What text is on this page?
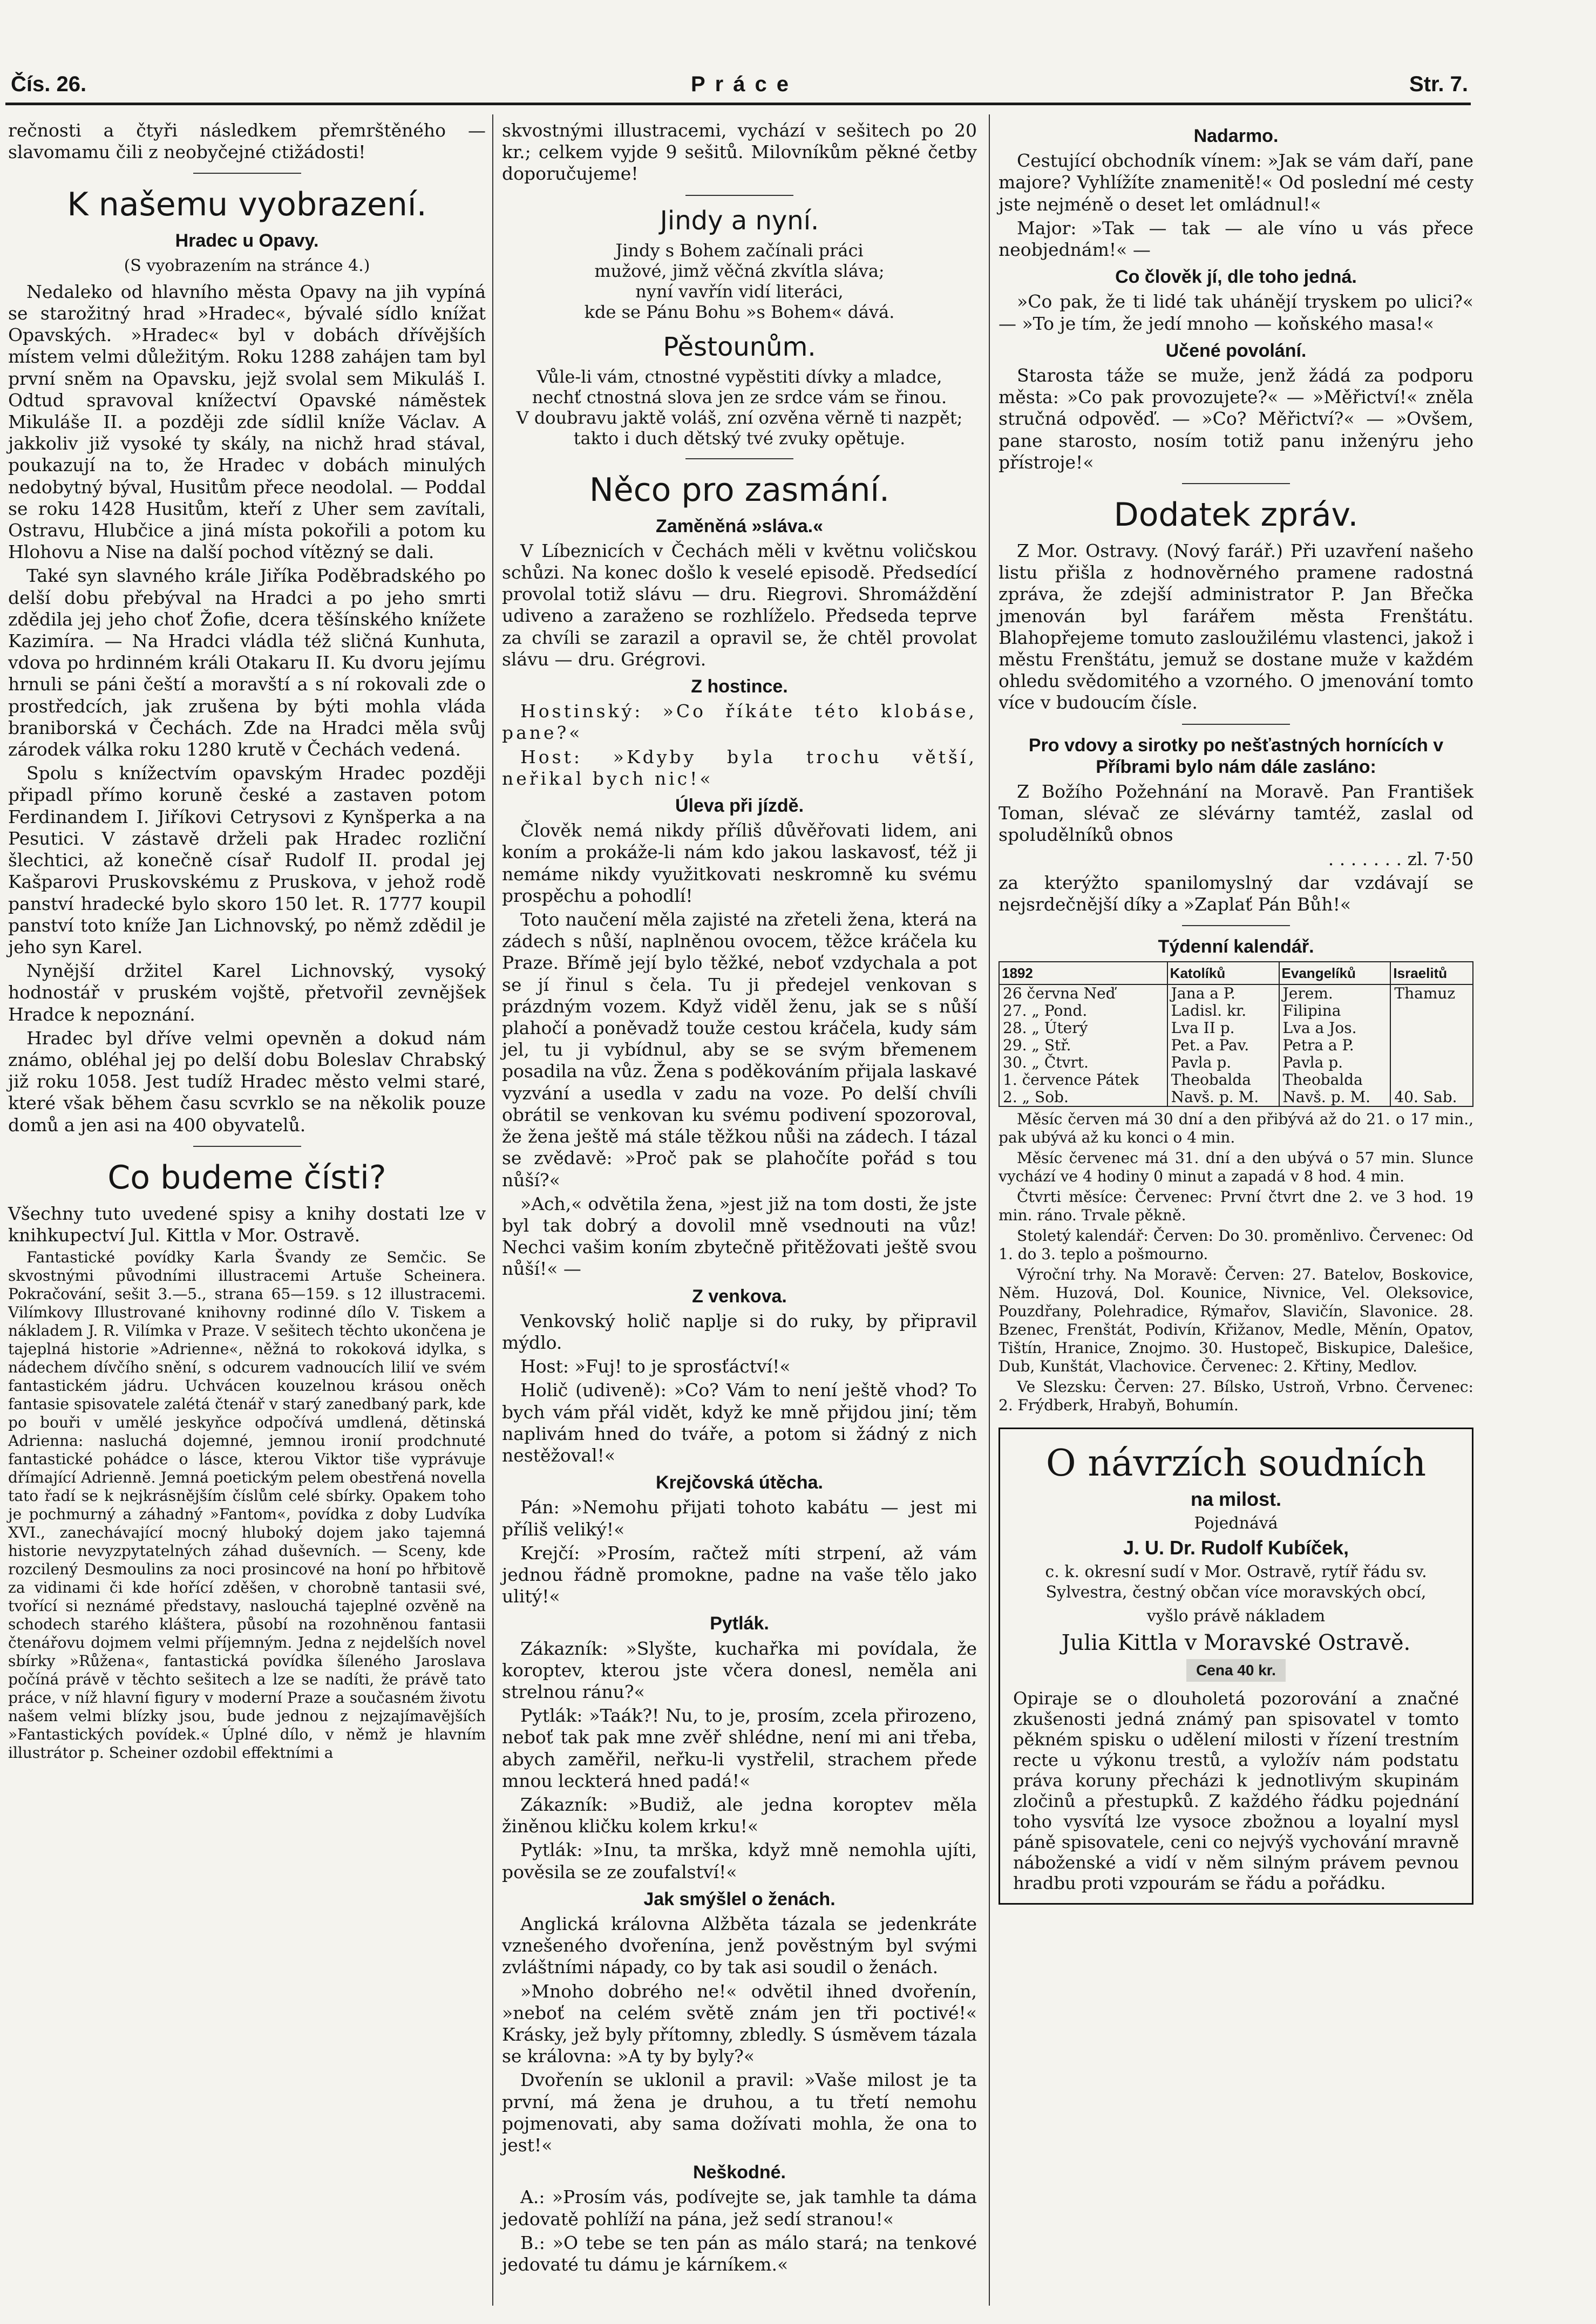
Čís. 26.	Práce	Str. 7.

rečnosti a čtyři následkem přemrštěného — slavomamu čili z neobyčejné ctižádosti!

K našemu vyobrazení.
Hradec u Opavy.
(S vyobrazením na stránce 4.)

Nedaleko od hlavního města Opavy na jih vypíná se starožitný hrad »Hradec«, bývalé sídlo knížat Opavských. »Hradec« byl v dobách dřívějších místem velmi důležitým. Roku 1288 zahájen tam byl první sněm na Opavsku, jejž svolal sem Mikuláš I. Odtud spravoval knížectví Opavské náměstek Mikuláše II. a později zde sídlil kníže Václav. A jakkoliv již vysoké ty skály, na nichž hrad stával, poukazují na to, že Hradec v dobách minulých nedobytný býval, Husitům přece neodolal. — Poddal se roku 1428 Husitům, kteří z Uher sem zavítali, Ostravu, Hlubčice a jiná místa pokořili a potom ku Hlohovu a Nise na další pochod vítězný se dali.

Také syn slavného krále Jiříka Poděbradského po delší dobu přebýval na Hradci a po jeho smrti zdědila jej jeho choť Žofie, dcera těšínského knížete Kazimíra. — Na Hradci vládla též sličná Kunhuta, vdova po hrdinném králi Otakaru II. Ku dvoru jejímu hrnuli se páni čeští a moravští a s ní rokovali zde o prostředcích, jak zrušena by býti mohla vláda braniborská v Čechách. Zde na Hradci měla svůj zárodek válka roku 1280 krutě v Čechách vedená.

Spolu s knížectvím opavským Hradec později připadl přímo koruně české a zastaven potom Ferdinandem I. Jiříkovi Cetrysovi z Kynšperka a na Pesutici. V zástavě drželi pak Hradec rozliční šlechtici, až konečně císař Rudolf II. prodal jej Kašparovi Pruskovskému z Pruskova, v jehož rodě panství hradecké bylo skoro 150 let. R. 1777 koupil panství toto kníže Jan Lichnovský, po němž zdědil je jeho syn Karel.

Nynější držitel Karel Lichnovský, vysoký hodnostář v pruském vojště, přetvořil zevnějšek Hradce k nepoznání.

Hradec byl dříve velmi opevněn a dokud nám známo, obléhal jej po delší dobu Boleslav Chrabský již roku 1058. Jest tudíž Hradec město velmi staré, které však během času scvrklo se na několik pouze domů a jen asi na 400 obyvatelů.

Co budeme čísti?

Všechny tuto uvedené spisy a knihy dostati lze v knihkupectví Jul. Kittla v Mor. Ostravě.

Fantastické povídky Karla Švandy ze Semčic. Se skvostnými původními illustracemi Artuše Scheinera. Pokračování, sešit 3.—5., strana 65—159. s 12 illustracemi. Vilímkovy Illustrované knihovny rodinné dílo V. Tiskem a nákladem J. R. Vilímka v Praze. V sešitech těchto ukončena je tajeplná historie »Adrienne«, něžná to rokoková idylka, s nádechem dívčího snění, s odcurem vadnoucích lilií ve svém fantastickém jádru. Uchvácen kouzelnou krásou oněch fantasie spisovatele zalétá čtenář v starý zanedbaný park, kde po bouři v umělé jeskyňce odpočívá umdlená, dětinská Adrienna: nasluchá dojemné, jemnou ironií prodchnuté fantastické pohádce o lásce, kterou Viktor tiše vyprávuje dřímající Adrienně. Jemná poetickým pelem obestřená novella tato řadí se k nejkrásnějším číslům celé sbírky. Opakem toho je pochmurný a záhadný »Fantom«, povídka z doby Ludvíka XVI., zanechávající mocný hluboký dojem jako tajemná historie nevyzpytatelných záhad duševních. — Sceny, kde rozcilený Desmoulins za noci prosincové na honí po hřbitově za vidinami či kde hořící zděšen, v chorobně tantasii své, tvořící si neznámé představy, naslouchá tajeplné ozvěně na schodech starého kláštera, působí na rozohněnou fantasii čtenářovu dojmem velmi příjemným. Jedna z nejdelších novel sbírky »Růžena«, fantastická povídka šíleného Jaroslava počíná právě v těchto sešitech a lze se nadíti, že právě tato práce, v níž hlavní figury v moderní Praze a současném životu našem velmi blízky jsou, bude jednou z nejzajímavějších »Fantastických povídek.« Úplné dílo, v němž je hlavním illustrátor p. Scheiner ozdobil effektními a

skvostnými illustracemi, vychází v sešitech po 20 kr.; celkem vyjde 9 sešitů. Milovníkům pěkné četby doporučujeme!

Jindy a nyní.
Jindy s Bohem začínali práci
mužové, jimž věčná zkvítla sláva;
nyní vavřín vidí literáci,
kde se Pánu Bohu »s Bohem« dává.
Pěstounům.
Vůle-li vám, ctnostné vypěstiti dívky a mladce,
nechť ctnostná slova jen ze srdce vám se řinou.
V doubravu jaktě voláš, zní ozvěna věrně ti nazpět;
takto i duch dětský tvé zvuky opětuje.
Něco pro zasmání.
Zaměněná »sláva.«

V Líbeznicích v Čechách měli v květnu voličskou schůzi. Na konec došlo k veselé episodě. Předsedící provolal totiž slávu — dru. Riegrovi. Shromáždění udiveno a zaraženo se rozhlíželo. Předseda teprve za chvíli se zarazil a opravil se, že chtěl provolat slávu — dru. Grégrovi.

Z hostince.

Hostinský: »Co říkáte této klobáse, pane?«

Host: »Kdyby byla trochu větší, neřikal bych nic!«

Úleva při jízdě.

Člověk nemá nikdy příliš důvěřovati lidem, ani koním a prokáže-li nám kdo jakou laskavosť, též ji nemáme nikdy využitkovati neskromně ku svému prospěchu a pohodlí!

Toto naučení měla zajisté na zřeteli žena, která na zádech s nůší, naplněnou ovocem, těžce kráčela ku Praze. Břímě její bylo těžké, neboť vzdychala a pot se jí řinul s čela. Tu ji předejel venkovan s prázdným vozem. Když viděl ženu, jak se s nůší plahočí a poněvadž touže cestou kráčela, kudy sám jel, tu ji vybídnul, aby se se svým břemenem posadila na vůz. Žena s poděkováním přijala laskavé vyzvání a usedla v zadu na voze. Po delší chvíli obrátil se venkovan ku svému podivení spozoroval, že žena ještě má stále těžkou nůši na zádech. I tázal se zvědavě: »Proč pak se plahočíte pořád s tou nůší?«

»Ach,« odvětila žena, »jest již na tom dosti, že jste byl tak dobrý a dovolil mně vsednouti na vůz! Nechci vašim koním zbytečně přitěžovati ještě svou nůší!« —

Z venkova.

Venkovský holič naplje si do ruky, by připravil mýdlo.

Host: »Fuj! to je sprosťáctví!«

Holič (udiveně): »Co? Vám to není ještě vhod? To bych vám přál vidět, když ke mně přijdou jiní; těm naplivám hned do tváře, a potom si žádný z nich nestěžoval!«

Krejčovská útěcha.

Pán: »Nemohu přijati tohoto kabátu — jest mi příliš veliký!«

Krejčí: »Prosím, račtež míti strpení, až vám jednou řádně promokne, padne na vaše tělo jako ulitý!«

Pytlák.

Zákazník: »Slyšte, kuchařka mi povídala, že koroptev, kterou jste včera donesl, neměla ani strelnou ránu?«

Pytlák: »Taák?! Nu, to je, prosím, zcela přirozeno, neboť tak pak mne zvěř shlédne, není mi ani třeba, abych zaměřil, neřku-li vystřelil, strachem přede mnou leckterá hned padá!«

Zákazník: »Budiž, ale jedna koroptev měla žiněnou kličku kolem krku!«

Pytlák: »Inu, ta mrška, když mně nemohla ujíti, pověsila se ze zoufalství!«

Jak smýšlel o ženách.

Anglická královna Alžběta tázala se jedenkráte vznešeného dvořenína, jenž pověstným byl svými zvláštními nápady, co by tak asi soudil o ženách.

»Mnoho dobrého ne!« odvětil ihned dvořenín, »neboť na celém světě znám jen tři poctivé!« Krásky, jež byly přítomny, zbledly. S úsměvem tázala se královna: »A ty by byly?«

Dvořenín se uklonil a pravil: »Vaše milost je ta první, má žena je druhou, a tu třetí nemohu pojmenovati, aby sama dožívati mohla, že ona to jest!«

Neškodné.

A.: »Prosím vás, podívejte se, jak tamhle ta dáma jedovatě pohlíží na pána, jež sedí stranou!«

B.: »O tebe se ten pán as málo stará; na tenkové jedovaté tu dámu je kárníkem.«

Nadarmo.

Cestující obchodník vínem: »Jak se vám daří, pane majore? Vyhlížíte znamenitě!« Od poslední mé cesty jste nejméně o deset let omládnul!«

Major: »Tak — tak — ale víno u vás přece neobjednám!« —

Co člověk jí, dle toho jedná.

»Co pak, že ti lidé tak uhánějí tryskem po ulici?« — »To je tím, že jedí mnoho — koňského masa!«

Učené povolání.

Starosta táže se muže, jenž žádá za podporu města: »Co pak provozujete?« — »Měřictví!« zněla stručná odpověď. — »Co? Měřictví?« — »Ovšem, pane starosto, nosím totiž panu inženýru jeho přístroje!«

Dodatek zpráv.

Z Mor. Ostravy. (Nový farář.) Při uzavření našeho listu přišla z hodnověrného pramene radostná zpráva, že zdejší administrator P. Jan Břečka jmenován byl farářem města Frenštátu. Blahopřejeme tomuto zasloužilému vlastenci, jakož i městu Frenštátu, jemuž se dostane muže v každém ohledu svědomitého a vzorného. O jmenování tomto více v budoucím čísle.

Pro vdovy a sirotky po nešťastných hornících v Příbrami bylo nám dále zasláno:

Z Božího Požehnání na Moravě. Pan František Toman, slévač ze slévárny tamtéž, zaslal od spoludělníků obnos

. . . . . . . zl. 7·50

za kterýžto spanilomyslný dar vzdávají se nejsrdečnější díky a »Zaplať Pán Bůh!«

Týdenní kalendář.
1892	Katolíků	Evangelíků	Israelitů
26 června Neď	Jana a P.	Jerem.	Thamuz
27. „ Pond.	Ladisl. kr.	Filipina	
28. „ Úterý	Lva II p.	Lva a Jos.	
29. „ Stř.	Pet. a Pav.	Petra a P.	
30. „ Čtvrt.	Pavla p.	Pavla p.	
1. července Pátek	Theobalda	Theobalda	
2. „ Sob.	Navš. p. M.	Navš. p. M.	40. Sab.

Měsíc červen má 30 dní a den přibývá až do 21. o 17 min., pak ubývá až ku konci o 4 min.

Měsíc červenec má 31. dní a den ubývá o 57 min. Slunce vychází ve 4 hodiny 0 minut a zapadá v 8 hod. 4 min.

Čtvrti měsíce: Červenec: První čtvrt dne 2. ve 3 hod. 19 min. ráno. Trvale pěkně.

Stoletý kalendář: Červen: Do 30. proměnlivo. Červenec: Od 1. do 3. teplo a pošmourno.

Výroční trhy. Na Moravě: Červen: 27. Batelov, Boskovice, Něm. Huzová, Dol. Kounice, Nivnice, Vel. Oleksovice, Pouzdřany, Polehradice, Rýmařov, Slavičín, Slavonice. 28. Bzenec, Frenštát, Podivín, Křižanov, Medle, Měnín, Opatov, Tištín, Hranice, Znojmo. 30. Hustopeč, Biskupice, Dalešice, Dub, Kunštát, Vlachovice. Červenec: 2. Křtiny, Medlov.

Ve Slezsku: Červen: 27. Bílsko, Ustroň, Vrbno. Červenec: 2. Frýdberk, Hrabyň, Bohumín.

O návrzích soudních
na milost.
Pojednává
J. U. Dr. Rudolf Kubíček,
c. k. okresní sudí v Mor. Ostravě, rytíř řádu sv. Sylvestra, čestný občan více moravských obcí,
vyšlo právě nákladem
Julia Kittla v Moravské Ostravě.
Cena 40 kr.
Opiraje se o dlouholetá pozorování a značné zkušenosti jedná známý pan spisovatel v tomto pěkném spisku o udělení milosti v řízení trestním recte u výkonu trestů, a vyložív nám podstatu práva koruny přecházi k jednotlivým skupinám zločinů a přestupků. Z každého řádku pojednání toho vysvítá lze vysoce zbožnou a loyalní mysl páně spisovatele, ceni co nejvýš vychování mravně náboženské a vidí v něm silným právem pevnou hradbu proti vzpourám se řádu a pořádku.
